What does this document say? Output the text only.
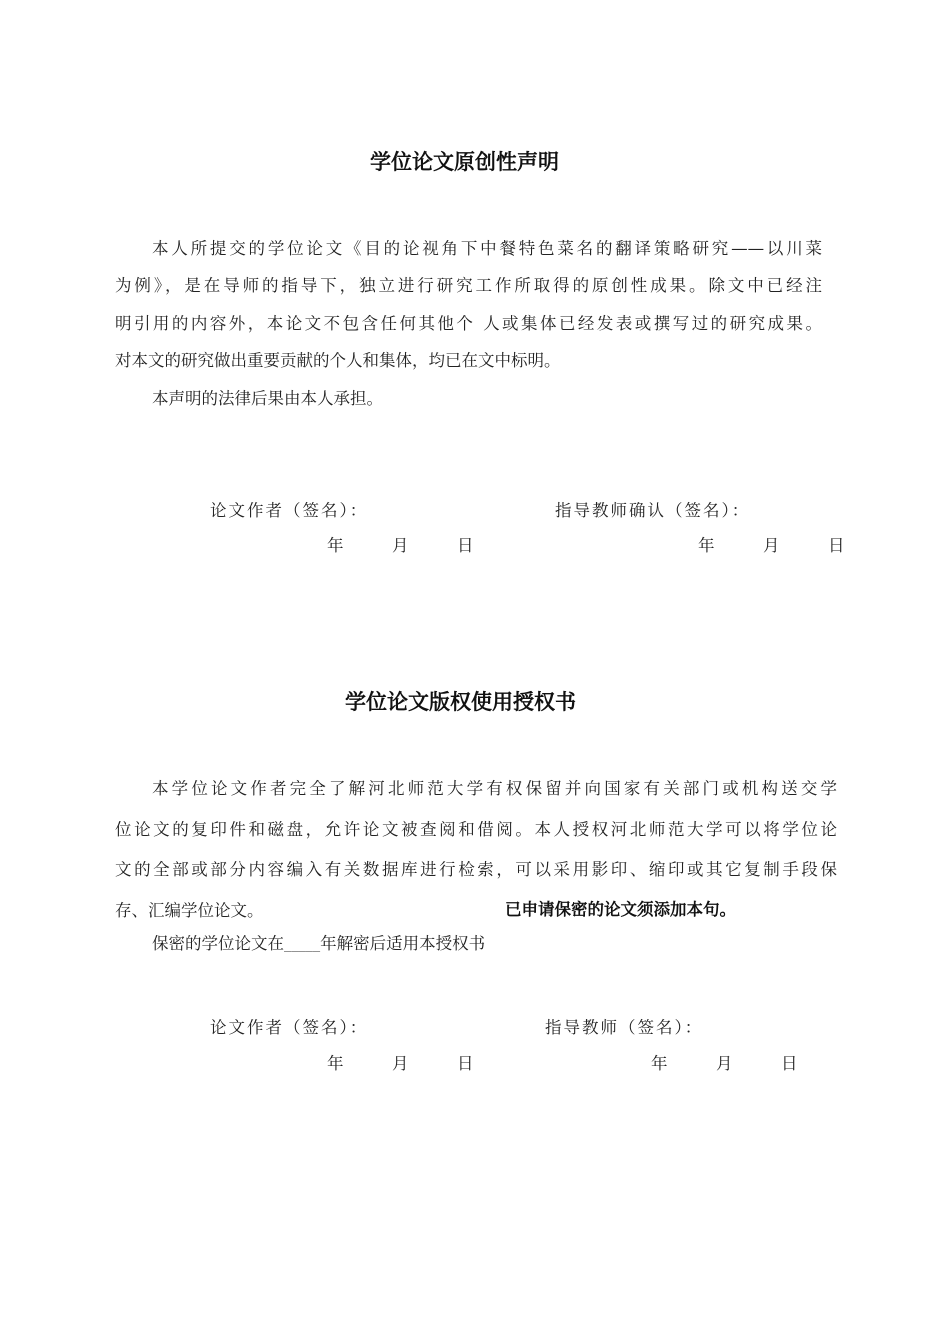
学位论文原创性声明
本人所提交的学位论文《目的论视角下中餐特色菜名的翻译策略研究——以川菜
为例》，是在导师的指导下，独立进行研究工作所取得的原创性成果。除文中已经注
明引用的内容外，本论文不包含任何其他个 人或集体已经发表或撰写过的研究成果。
对本文的研究做出重要贡献的个人和集体，均已在文中标明。
本声明的法律后果由本人承担。
论文作者（签名）：	指导教师确认（签名）：
年	月	日	年	月	日
学位论文版权使用授权书
本学位论文作者完全了解河北师范大学有权保留并向国家有关部门或机构送交学
位论文的复印件和磁盘，允许论文被查阅和借阅。本人授权河北师范大学可以将学位论
文的全部或部分内容编入有关数据库进行检索，可以采用影印、缩印或其它复制手段保
存、汇编学位论文。	已申请保密的论文须添加本句。
保密的学位论文在_____年解密后适用本授权书
论文作者（签名）：	指导教师（签名）：
年	月	日	年	月	日
